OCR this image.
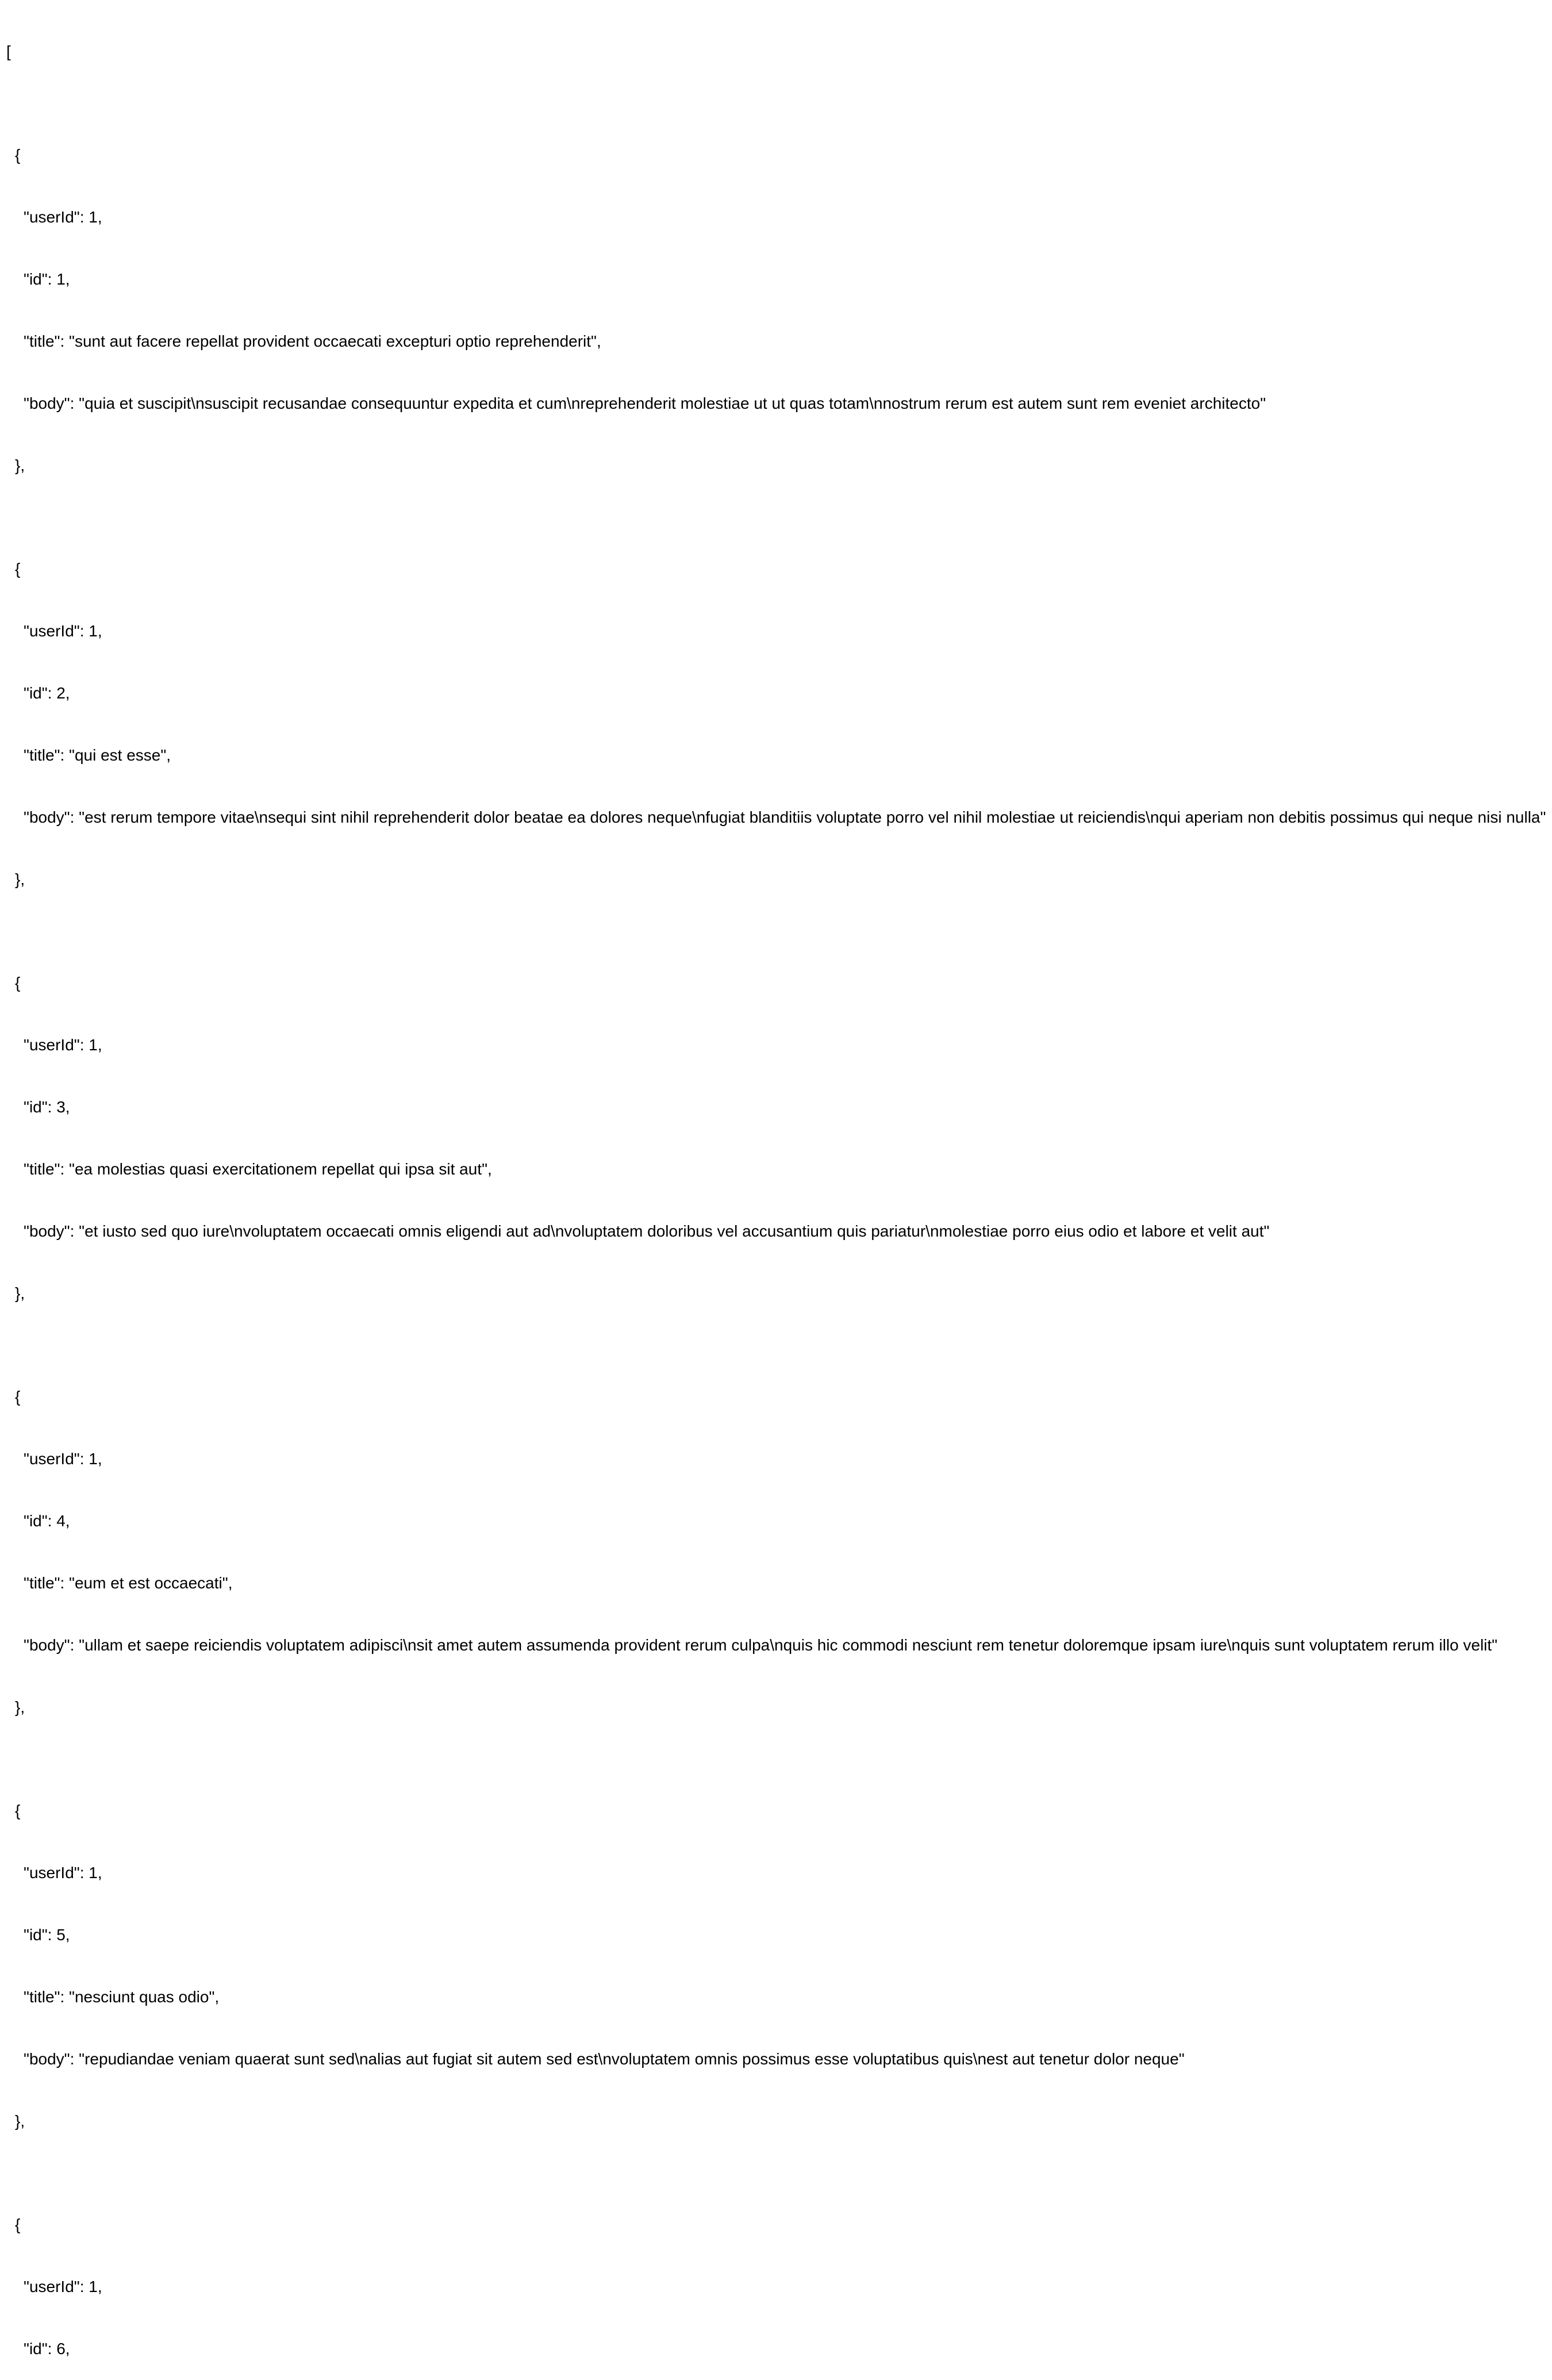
[

{

"userId": 1,

"id": 1,

"title": "sunt aut facere repellat provident occaecati excepturi optio reprehenderit",

"body": "quia et suscipit\nsuscipit recusandae consequuntur expedita et cum\nreprehenderit molestiae ut ut quas totam\nnostrum rerum est autem sunt rem eveniet architecto"

},

{

"userId": 1,

"id": 2,

"title": "qui est esse",

"body": "est rerum tempore vitae\nsequi sint nihil reprehenderit dolor beatae ea dolores neque\nfugiat blanditiis voluptate porro vel nihil molestiae ut reiciendis\nqui aperiam non debitis possimus qui neque nisi nulla"

},

{

"userId": 1,

"id": 3,

"title": "ea molestias quasi exercitationem repellat qui ipsa sit aut",

"body": "et iusto sed quo iure\nvoluptatem occaecati omnis eligendi aut ad\nvoluptatem doloribus vel accusantium quis pariatur\nmolestiae porro eius odio et labore et velit aut"

},

{

"userId": 1,

"id": 4,

"title": "eum et est occaecati",

"body": "ullam et saepe reiciendis voluptatem adipisci\nsit amet autem assumenda provident rerum culpa\nquis hic commodi nesciunt rem tenetur doloremque ipsam iure\nquis sunt voluptatem rerum illo velit"

},

{

"userId": 1,

"id": 5,

"title": "nesciunt quas odio",

"body": "repudiandae veniam quaerat sunt sed\nalias aut fugiat sit autem sed est\nvoluptatem omnis possimus esse voluptatibus quis\nest aut tenetur dolor neque"

},

{

"userId": 1,

"id": 6,
